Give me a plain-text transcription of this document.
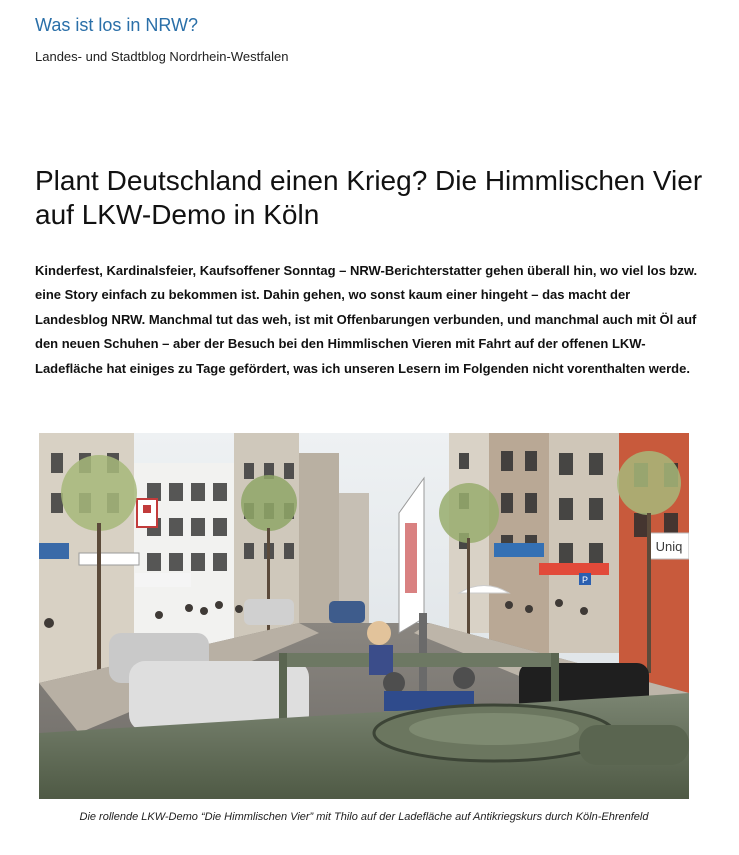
Was ist los in NRW?
Landes- und Stadtblog Nordrhein-Westfalen
Plant Deutschland einen Krieg? Die Himmlischen Vier auf LKW-Demo in Köln

Kinderfest, Kardinalsfeier, Kaufsoffener Sonntag – NRW-Berichterstatter gehen überall hin, wo viel los bzw. eine Story einfach zu bekommen ist. Dahin gehen, wo sonst kaum einer hingeht – das macht der Landesblog NRW. Manchmal tut das weh, ist mit Offenbarungen verbunden, und manchmal auch mit Öl auf den neuen Schuhen – aber der Besuch bei den Himmlischen Vieren mit Fahrt auf der offenen LKW-Ladefläche hat einiges zu Tage gefördert, was ich unseren Lesern im Folgenden nicht vorenthalten werde.

P
Uniq
Die rollende LKW-Demo “Die Himmlischen Vier” mit Thilo auf der Ladefläche auf Antikriegskurs durch Köln-Ehrenfeld
